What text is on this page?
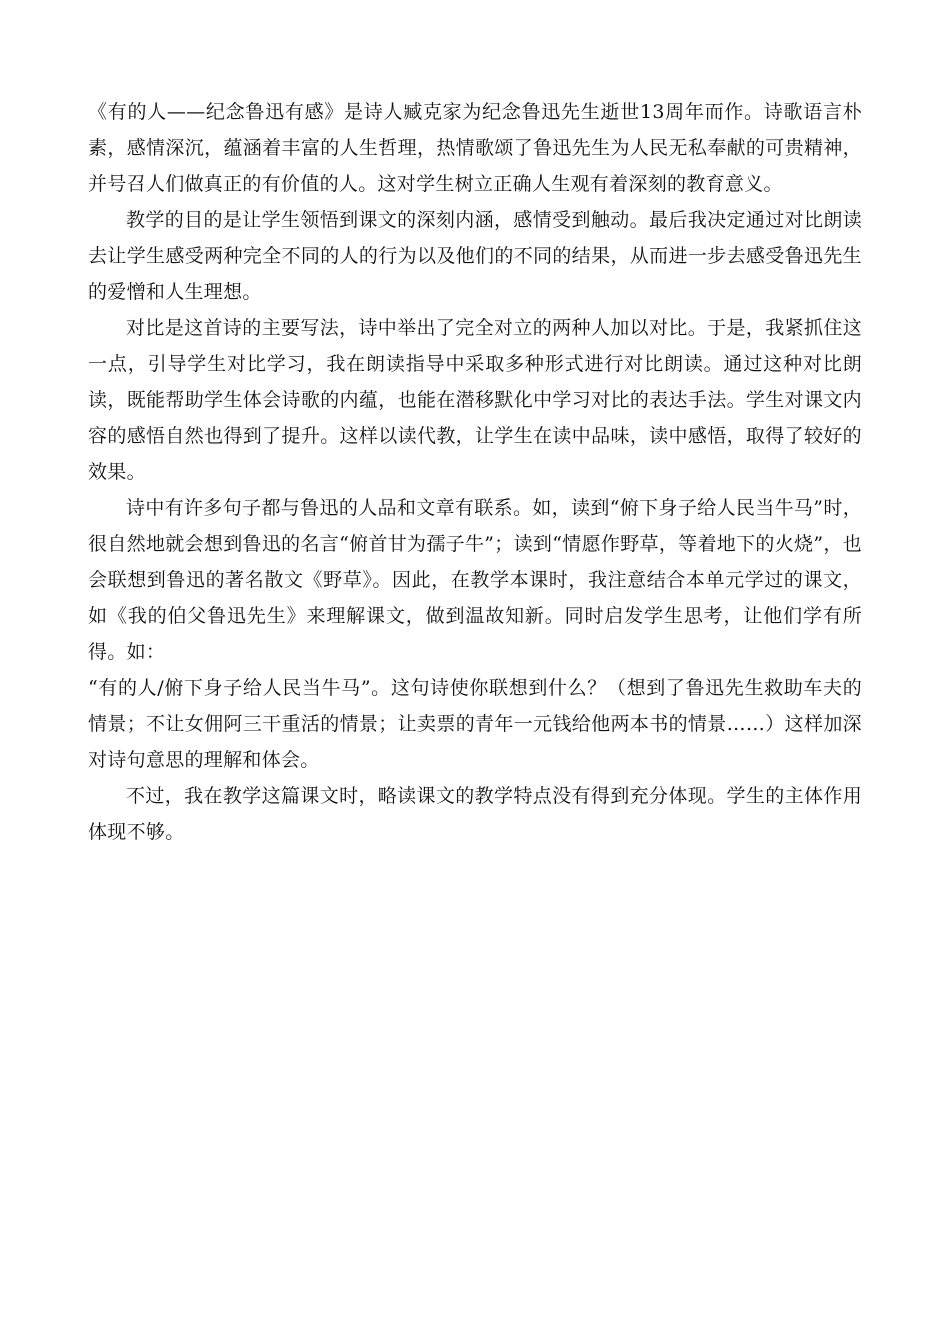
《有的人——纪念鲁迅有感》是诗人臧克家为纪念鲁迅先生逝世13周年而作。诗歌语言朴素，感情深沉，蕴涵着丰富的人生哲理，热情歌颂了鲁迅先生为人民无私奉献的可贵精神，并号召人们做真正的有价值的人。这对学生树立正确人生观有着深刻的教育意义。

教学的目的是让学生领悟到课文的深刻内涵，感情受到触动。最后我决定通过对比朗读去让学生感受两种完全不同的人的行为以及他们的不同的结果，从而进一步去感受鲁迅先生的爱憎和人生理想。

对比是这首诗的主要写法，诗中举出了完全对立的两种人加以对比。于是，我紧抓住这一点，引导学生对比学习，我在朗读指导中采取多种形式进行对比朗读。通过这种对比朗读，既能帮助学生体会诗歌的内蕴，也能在潜移默化中学习对比的表达手法。学生对课文内容的感悟自然也得到了提升。这样以读代教，让学生在读中品味，读中感悟，取得了较好的效果。

诗中有许多句子都与鲁迅的人品和文章有联系。如，读到“俯下身子给人民当牛马”时，很自然地就会想到鲁迅的名言“俯首甘为孺子牛”；读到“情愿作野草，等着地下的火烧”，也会联想到鲁迅的著名散文《野草》。因此，在教学本课时，我注意结合本单元学过的课文，如《我的伯父鲁迅先生》来理解课文，做到温故知新。同时启发学生思考，让他们学有所得。如：

“有的人/俯下身子给人民当牛马”。这句诗使你联想到什么？（想到了鲁迅先生救助车夫的情景；不让女佣阿三干重活的情景；让卖票的青年一元钱给他两本书的情景……）这样加深对诗句意思的理解和体会。

不过，我在教学这篇课文时，略读课文的教学特点没有得到充分体现。学生的主体作用体现不够。
